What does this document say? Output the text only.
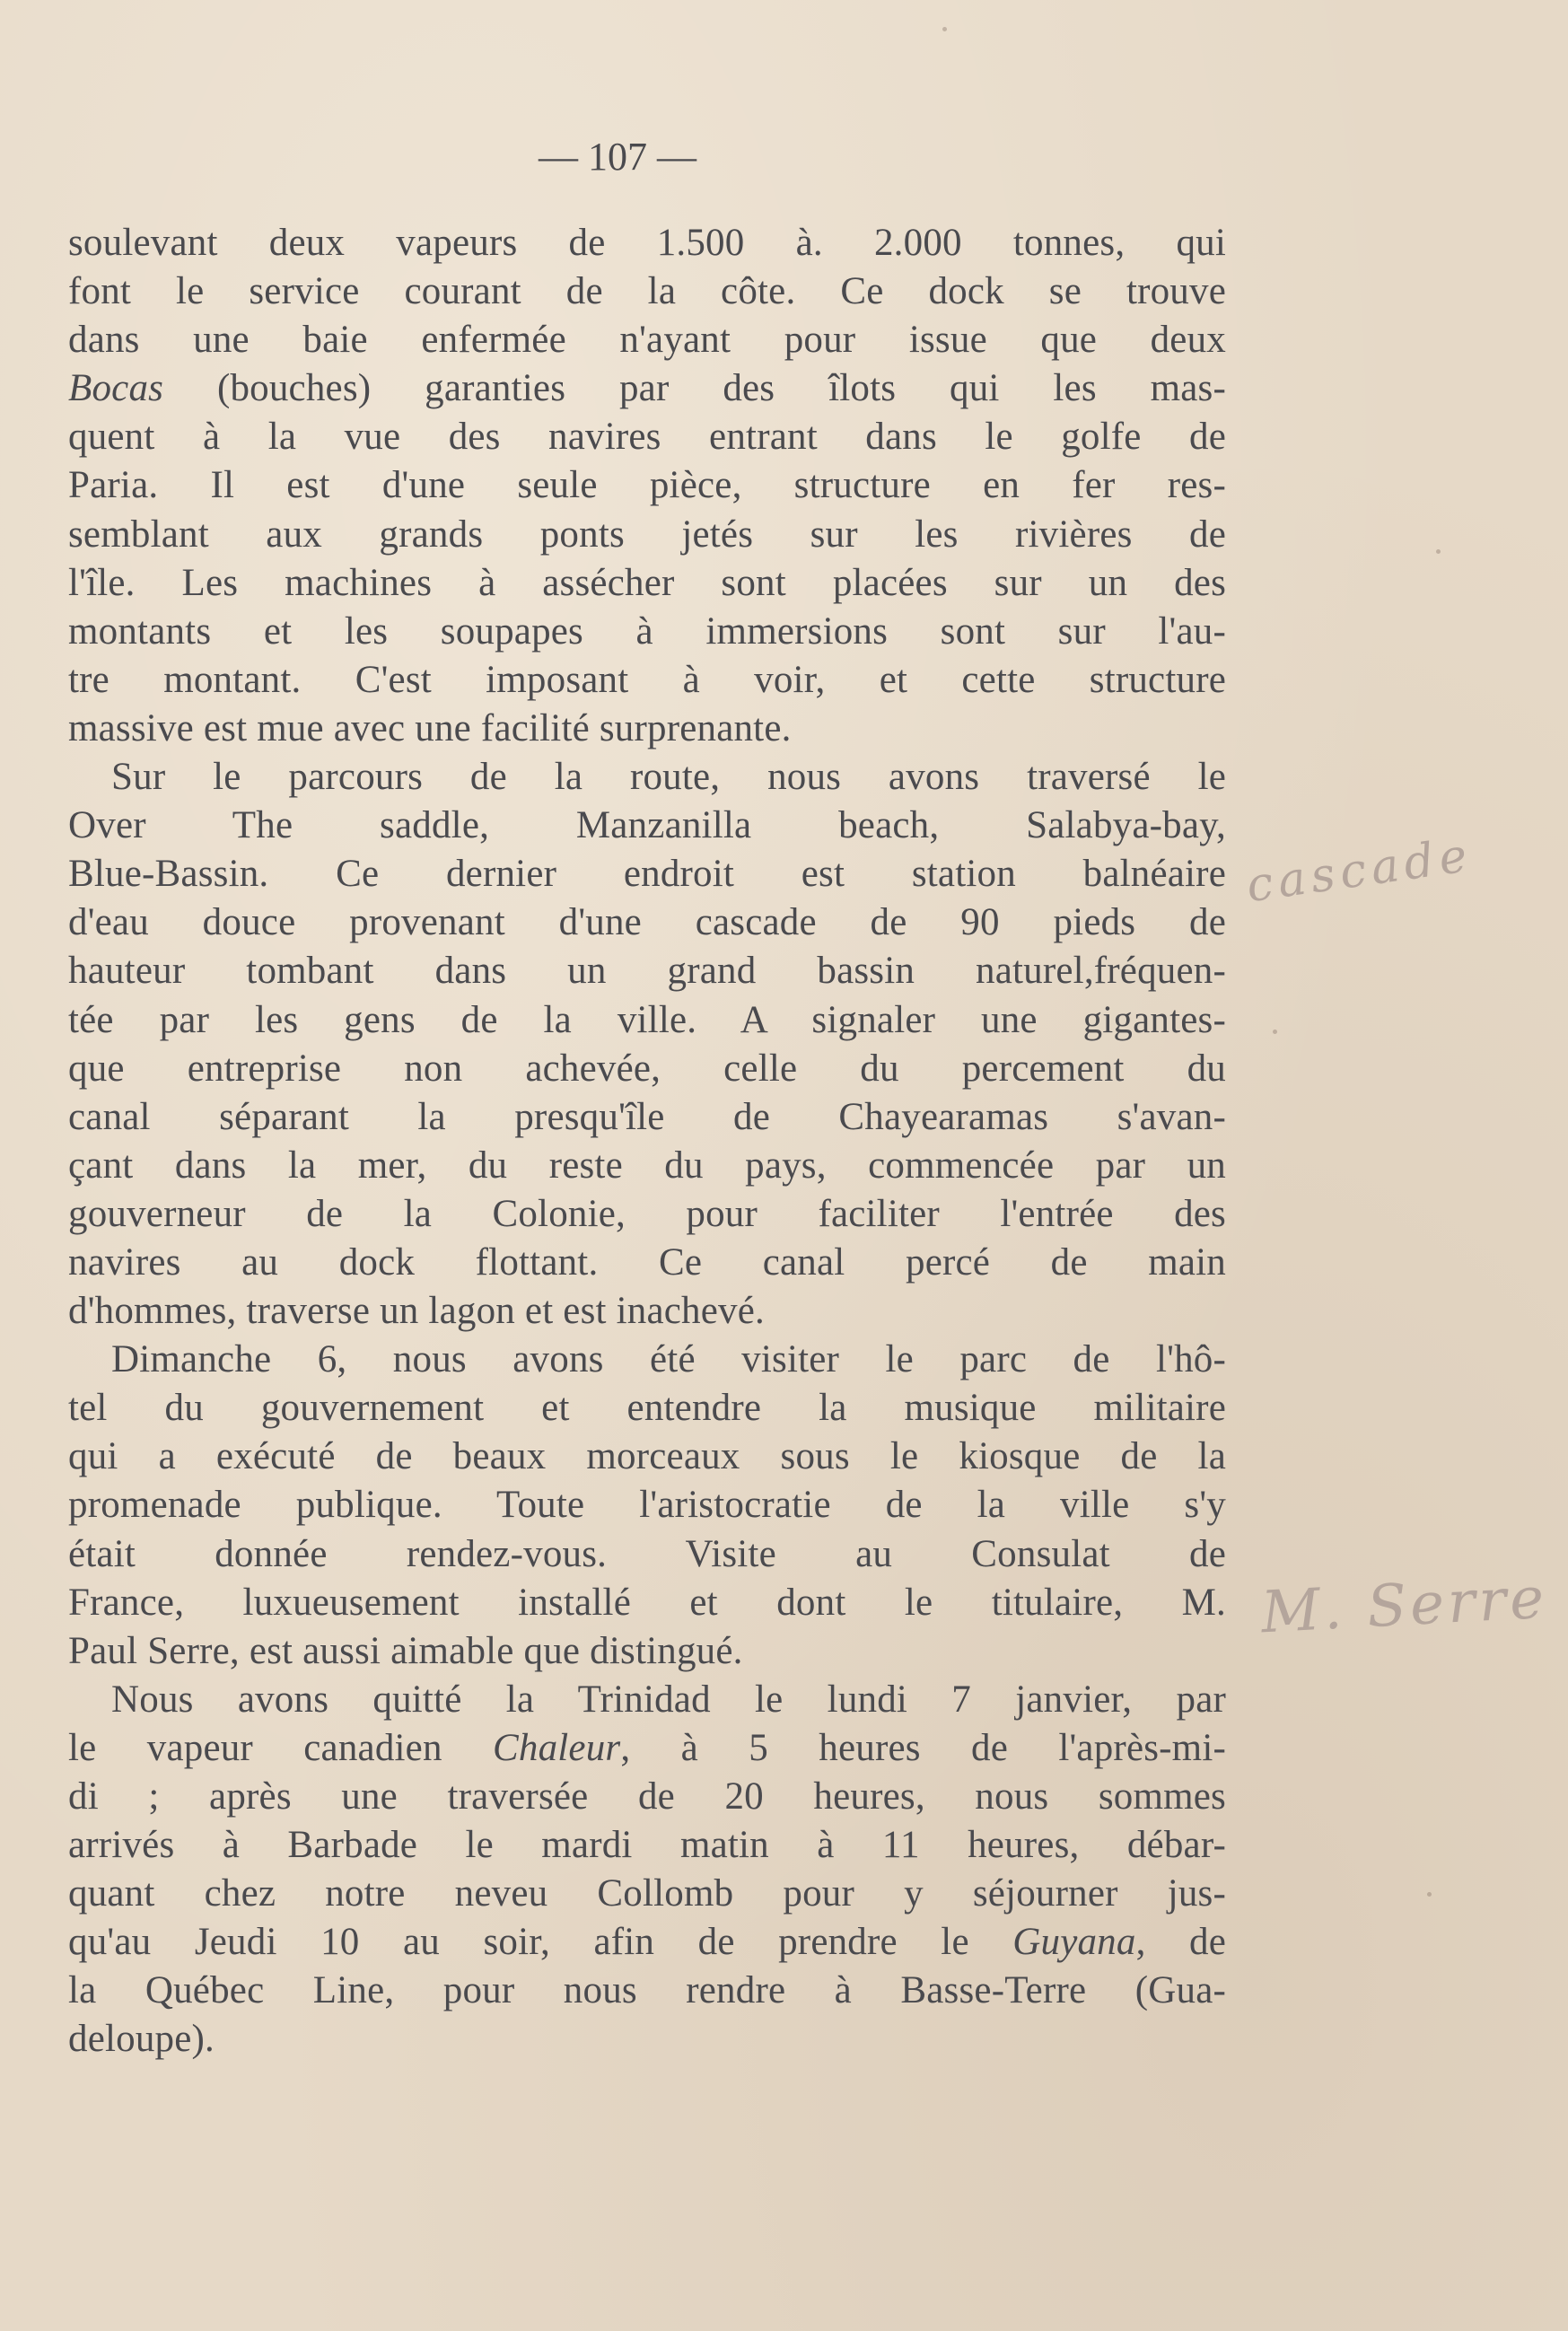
— 107 —
soulevant deux vapeurs de 1.500 à. 2.000 tonnes, qui
font le service courant de la côte. Ce dock se trouve
dans une baie enfermée n'ayant pour issue que deux
Bocas (bouches) garanties par des îlots qui les mas-
quent à la vue des navires entrant dans le golfe de
Paria. Il est d'une seule pièce, structure en fer res-
semblant aux grands ponts jetés sur les rivières de
l'île. Les machines à assécher sont placées sur un des
montants et les soupapes à immersions sont sur l'au-
tre montant. C'est imposant à voir, et cette structure
massive est mue avec une facilité surprenante.
Sur le parcours de la route, nous avons traversé le
Over The saddle, Manzanilla beach, Salabya-bay,
Blue-Bassin. Ce dernier endroit est station balnéaire
d'eau douce provenant d'une cascade de 90 pieds de
hauteur tombant dans un grand bassin naturel,fréquen-
tée par les gens de la ville. A signaler une gigantes-
que entreprise non achevée, celle du percement du
canal séparant la presqu'île de Chayearamas s'avan-
çant dans la mer, du reste du pays, commencée par un
gouverneur de la Colonie, pour faciliter l'entrée des
navires au dock flottant. Ce canal percé de main
d'hommes, traverse un lagon et est inachevé.
Dimanche 6, nous avons été visiter le parc de l'hô-
tel du gouvernement et entendre la musique militaire
qui a exécuté de beaux morceaux sous le kiosque de la
promenade publique. Toute l'aristocratie de la ville s'y
était donnée rendez-vous. Visite au Consulat de
France, luxueusement installé et dont le titulaire, M.
Paul Serre, est aussi aimable que distingué.
Nous avons quitté la Trinidad le lundi 7 janvier, par
le vapeur canadien Chaleur, à 5 heures de l'après-mi-
di ; après une traversée de 20 heures, nous sommes
arrivés à Barbade le mardi matin à 11 heures, débar-
quant chez notre neveu Collomb pour y séjourner jus-
qu'au Jeudi 10 au soir, afin de prendre le Guyana, de
la Québec Line, pour nous rendre à Basse-Terre (Gua-
deloupe).
cascade
M. Serre
